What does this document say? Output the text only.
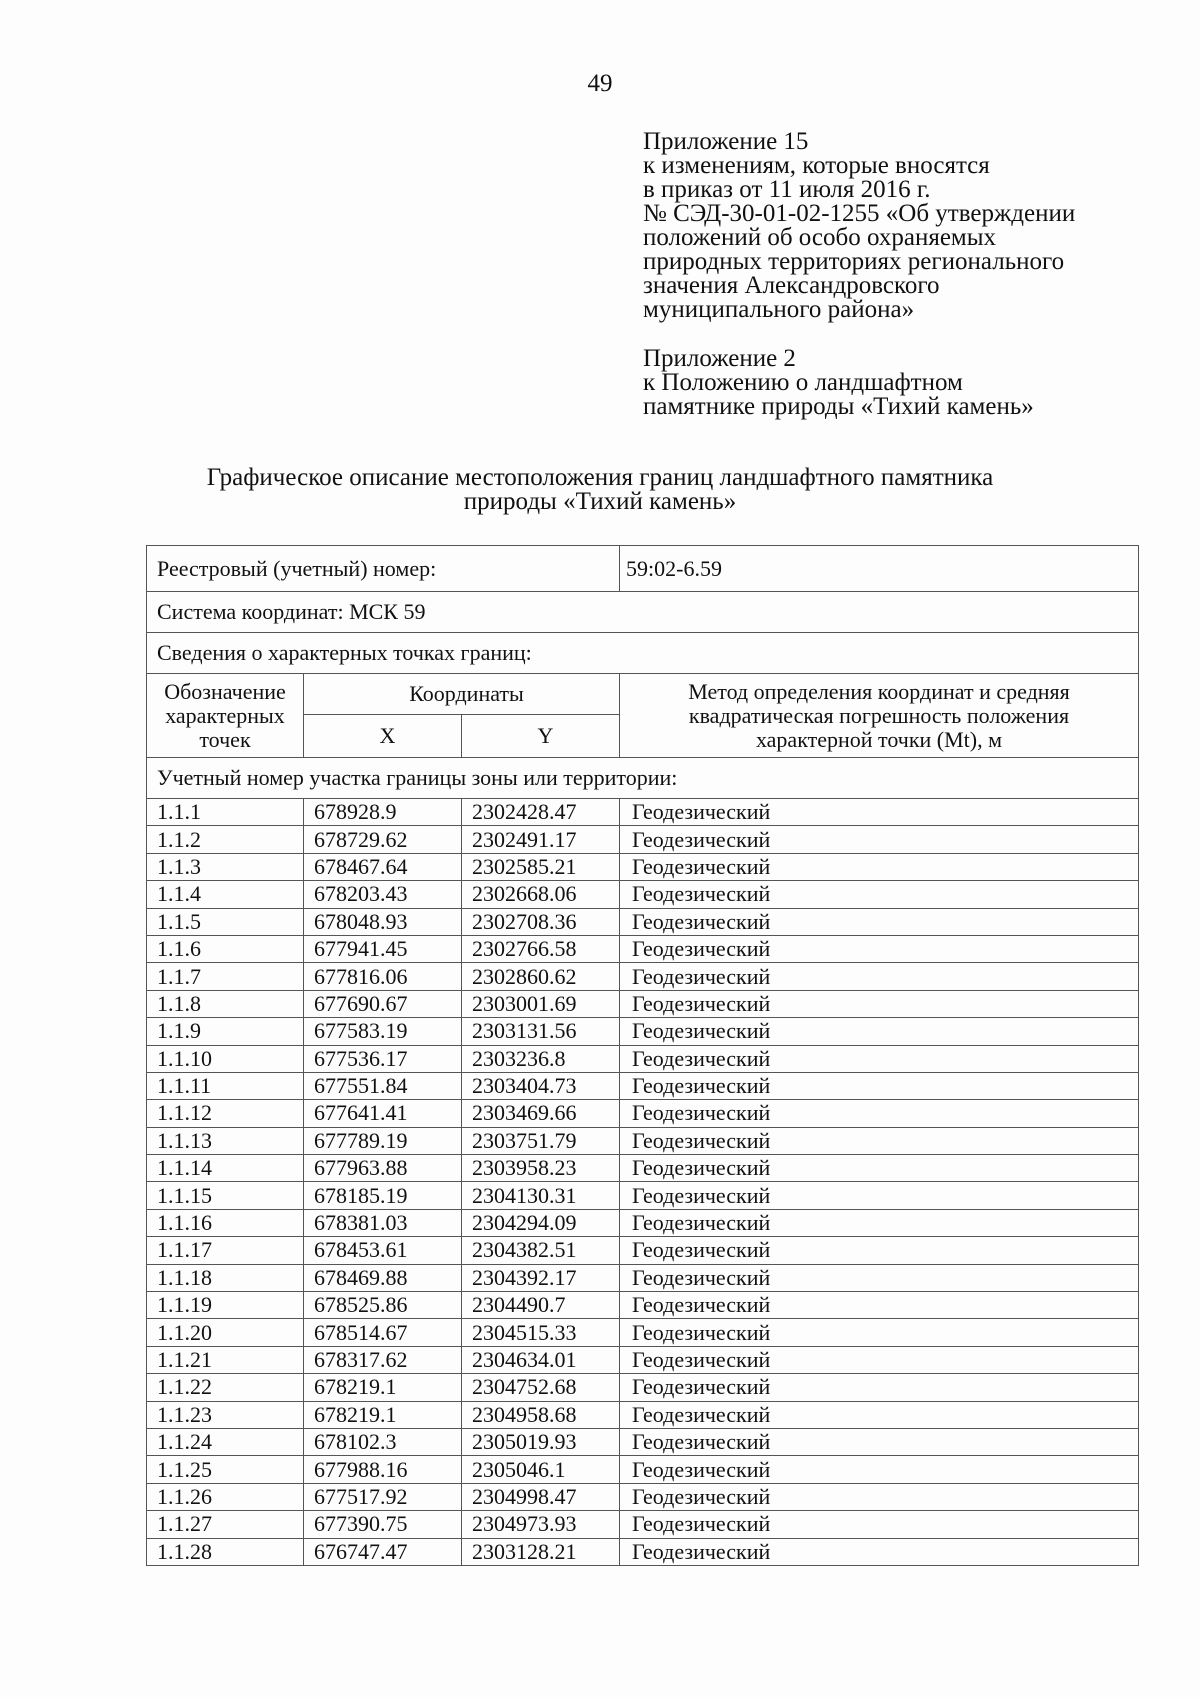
49
Приложение 15
к изменениям, которые вносятся
в приказ от 11 июля 2016 г.
№ СЭД-30-01-02-1255 «Об утверждении
положений об особо охраняемых
природных территориях регионального
значения Александровского
муниципального района»
Приложение 2
к Положению о ландшафтном
памятнике природы «Тихий камень»
Графическое описание местоположения границ ландшафтного памятника
природы «Тихий камень»
Реестровый (учетный) номер:			59:02-6.59
Система координат: МСК 59			
Сведения о характерных точках границ:			
Обозначение характерных точек	Координаты		Метод определения координат и средняя квадратическая погрешность положения характерной точки (Mt), м
	X	Y	
Учетный номер участка границы зоны или территории:			
1.1.1	678928.9	2302428.47	Геодезический
1.1.2	678729.62	2302491.17	Геодезический
1.1.3	678467.64	2302585.21	Геодезический
1.1.4	678203.43	2302668.06	Геодезический
1.1.5	678048.93	2302708.36	Геодезический
1.1.6	677941.45	2302766.58	Геодезический
1.1.7	677816.06	2302860.62	Геодезический
1.1.8	677690.67	2303001.69	Геодезический
1.1.9	677583.19	2303131.56	Геодезический
1.1.10	677536.17	2303236.8	Геодезический
1.1.11	677551.84	2303404.73	Геодезический
1.1.12	677641.41	2303469.66	Геодезический
1.1.13	677789.19	2303751.79	Геодезический
1.1.14	677963.88	2303958.23	Геодезический
1.1.15	678185.19	2304130.31	Геодезический
1.1.16	678381.03	2304294.09	Геодезический
1.1.17	678453.61	2304382.51	Геодезический
1.1.18	678469.88	2304392.17	Геодезический
1.1.19	678525.86	2304490.7	Геодезический
1.1.20	678514.67	2304515.33	Геодезический
1.1.21	678317.62	2304634.01	Геодезический
1.1.22	678219.1	2304752.68	Геодезический
1.1.23	678219.1	2304958.68	Геодезический
1.1.24	678102.3	2305019.93	Геодезический
1.1.25	677988.16	2305046.1	Геодезический
1.1.26	677517.92	2304998.47	Геодезический
1.1.27	677390.75	2304973.93	Геодезический
1.1.28	676747.47	2303128.21	Геодезический
